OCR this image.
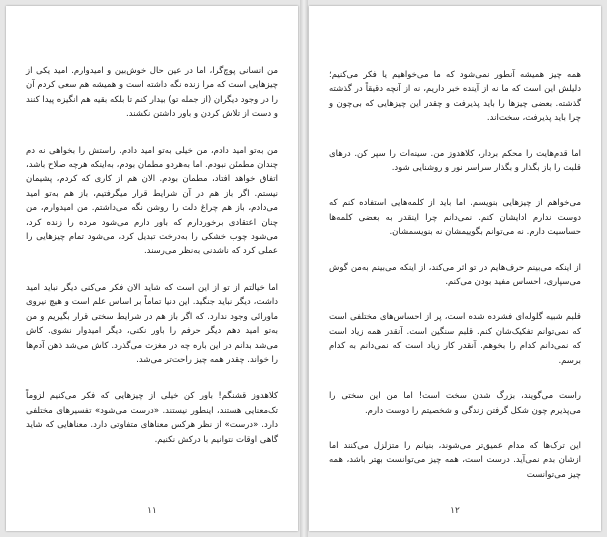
من انسانی پوچ‌گرا، اما در عین حال خوش‌بین و امیدوارم. امید یکی از چیزهایی است که مرا زنده نگه داشته است و همیشه هم سعی کردم آن را در وجود دیگران (از جمله تو) بیدار کنم تا بلکه بقیه هم انگیزه پیدا کنند و دست از تلاش کردن و باور داشتن نکشند.

من به‌تو امید دادم، من خیلی به‌تو امید دادم. راستش را بخواهی نه دم چندان مطمئن نبودم. اما به‌هردو مطمان بودم، به‌اینکه هرچه صلاح باشد، اتفاق خواهد افتاد، مطمان بودم. الان هم از کاری که کردم، پشیمان نیستم. اگر باز هم در آن شرایط قرار میگرفتیم، باز هم به‌تو امید می‌دادم، باز هم چراغ دلت را روشن نگه می‌داشتم. من امیدوارم، من چنان اعتقادی برخوردارم که باور دارم می‌شود مرده را زنده کرد، می‌شود چوب خشکی را به‌درخت تبدیل کرد، می‌شود تمام چیزهایی را عملی کرد که ناشدنی به‌نظر می‌رسند.

اما خیالتم از تو از این است که شاید الان فکر می‌کنی دیگر نباید امید داشت، دیگر نباید جنگید. این دنیا تماماً بر اساس علم است و هیچ نیروی ماورائی وجود ندارد. که اگر باز هم در شرایط سختی قرار بگیریم و من به‌تو امید دهم دیگر حرفم را باور نکنی، دیگر امیدوار نشوی. کاش می‌شد بدانم در این باره چه در مغزت می‌گذرد. کاش می‌شد ذهن آدم‌ها را خواند. چقدر همه چیز راحت‌تر می‌شد.

کلاهدوز قشنگم! باور کن خیلی از چیزهایی که فکر می‌کنیم لزوماً تک‌معنایی هستند، اینطور نیستند. «درست می‌شود» تفسیرهای مختلفی دارد. «درست» از نظر هرکس معناهای متفاوتی دارد. معناهایی که شاید گاهی اوقات نتوانیم با درکش نکنیم.

۱۱

همه چیز همیشه آنطور نمی‌شود که ما می‌خواهیم یا فکر می‌کنیم؛ دلیلش این است که ما نه از آینده خبر داریم، نه از آنچه دقیقاً در گذشته گذشته. بعضی چیزها را باید پذیرفت و چقدر این چیزهایی که بی‌چون و چرا باید پذیرفت، سخت‌اند.

اما قدم‌هایت را محکم بردار، کلاهدوز من. سینه‌ات را سپر کن. درهای قلبت را باز بگذار و بگذار سراسر نور و روشنایی شود.

می‌خواهم از چیزهایی بنویسم. اما باید از کلمه‌هایی استفاده کنم که دوست ندارم ادایشان کنم. نمی‌دانم چرا اینقدر به بعضی کلمه‌ها حساسیت دارم. نه می‌توانم بگوییمشان نه بنویسمشان.

از اینکه می‌بینم حرف‌هایم در تو اثر می‌کند، از اینکه می‌بینم به‌من گوش می‌سپاری، احساس مفید بودن می‌کنم.

قلبم شبیه گلوله‌ای فشرده شده است، پر از احساس‌های مختلفی است که نمی‌توانم تفکیک‌شان کنم. قلبم سنگین است. آنقدر همه زیاد است که نمی‌دانم کدام را بخوهم. آنقدر کار زیاد است که نمی‌دانم به کدام برسم.

راست می‌گویند، بزرگ شدن سخت است! اما من این سختی را می‌پذیرم چون شکل گرفتن زندگی و شخصیتم را دوست دارم.

این ترک‌ها که مدام عمیق‌تر می‌شوند، بنیانم را متزلزل می‌کنند اما ازشان بدم نمی‌آید. درست است، همه چیز می‌توانست بهتر باشد، همه چیز می‌توانست

۱۲
